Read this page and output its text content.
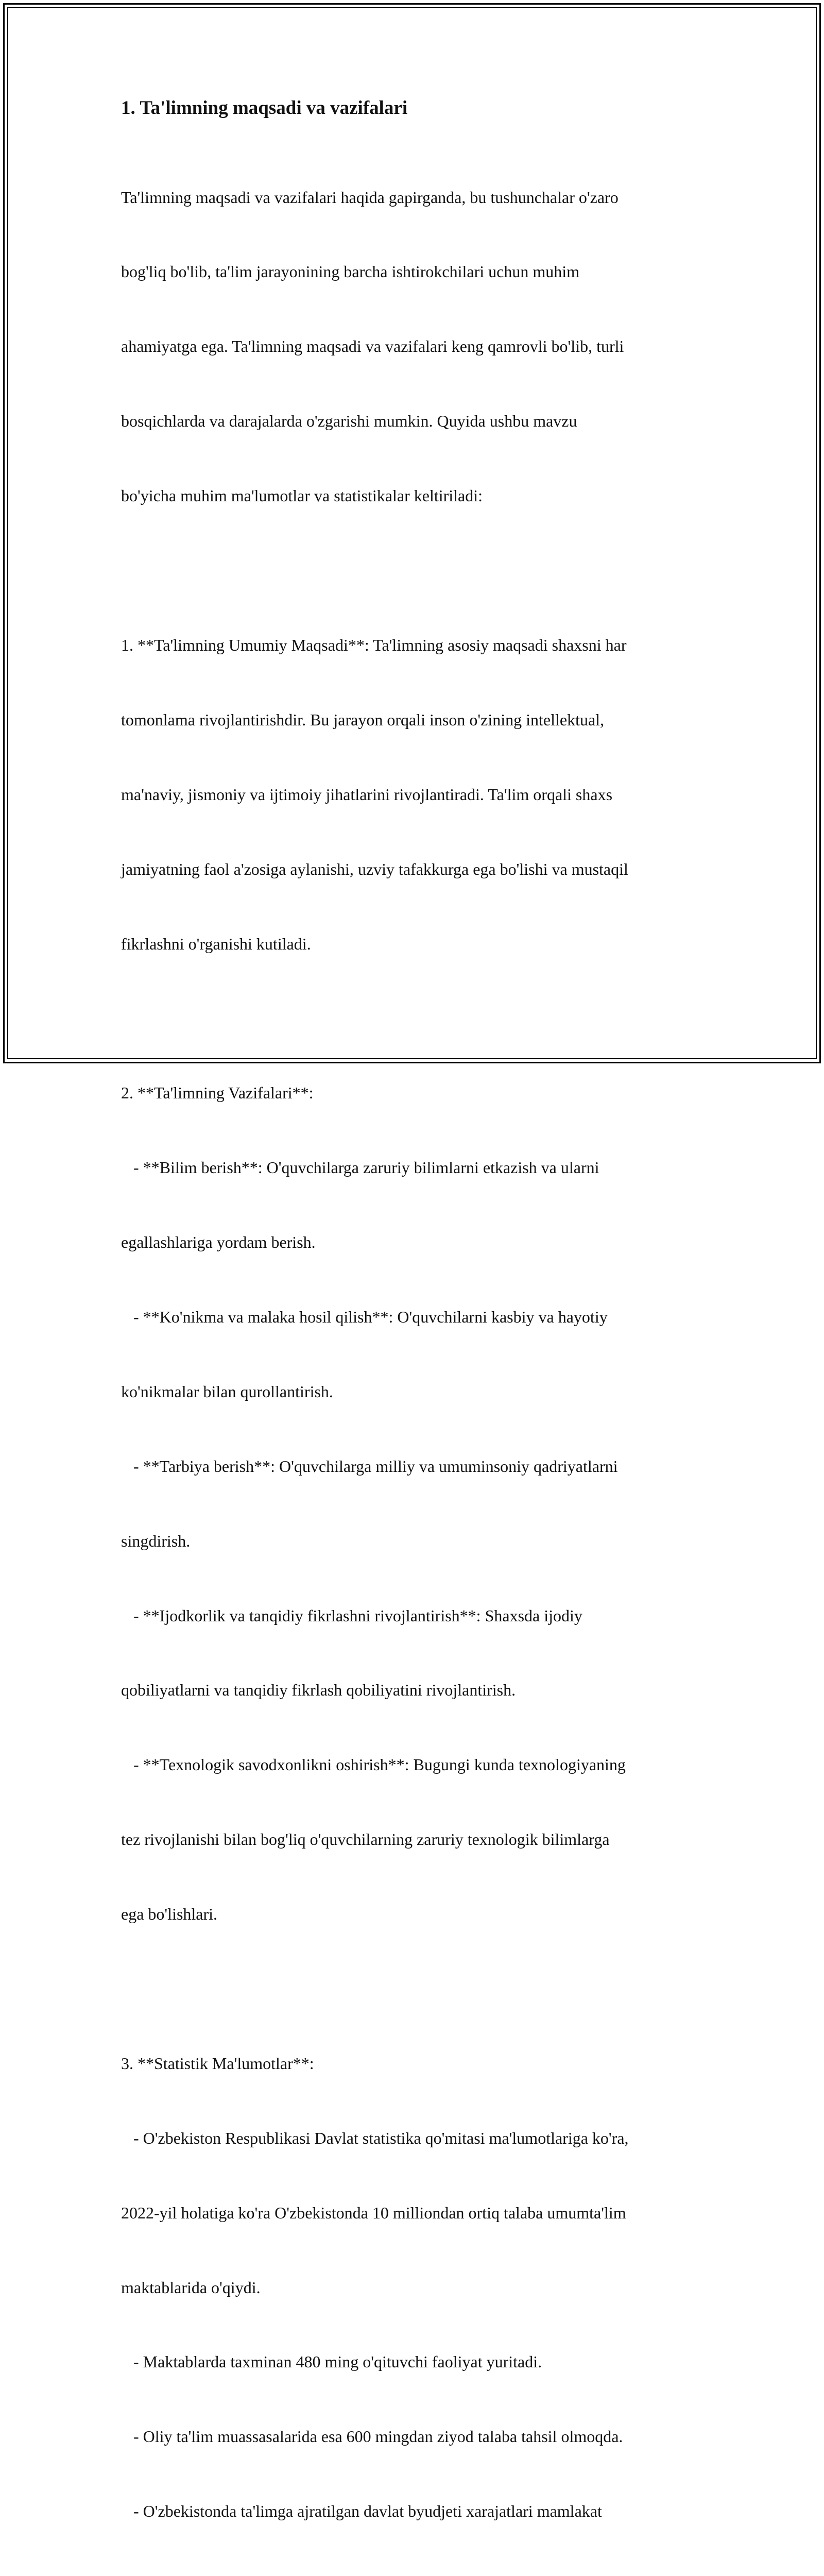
1. Ta'limning maqsadi va vazifalari

Ta'limning maqsadi va vazifalari haqida gapirganda, bu tushunchalar o'zaro

bog'liq bo'lib, ta'lim jarayonining barcha ishtirokchilari uchun muhim

ahamiyatga ega. Ta'limning maqsadi va vazifalari keng qamrovli bo'lib, turli

bosqichlarda va darajalarda o'zgarishi mumkin. Quyida ushbu mavzu

bo'yicha muhim ma'lumotlar va statistikalar keltiriladi:

1. **Ta'limning Umumiy Maqsadi**: Ta'limning asosiy maqsadi shaxsni har

tomonlama rivojlantirishdir. Bu jarayon orqali inson o'zining intellektual,

ma'naviy, jismoniy va ijtimoiy jihatlarini rivojlantiradi. Ta'lim orqali shaxs

jamiyatning faol a'zosiga aylanishi, uzviy tafakkurga ega bo'lishi va mustaqil

fikrlashni o'rganishi kutiladi.

2. **Ta'limning Vazifalari**:

- **Bilim berish**: O'quvchilarga zaruriy bilimlarni etkazish va ularni

egallashlariga yordam berish.

- **Ko'nikma va malaka hosil qilish**: O'quvchilarni kasbiy va hayotiy

ko'nikmalar bilan qurollantirish.

- **Tarbiya berish**: O'quvchilarga milliy va umuminsoniy qadriyatlarni

singdirish.

- **Ijodkorlik va tanqidiy fikrlashni rivojlantirish**: Shaxsda ijodiy

qobiliyatlarni va tanqidiy fikrlash qobiliyatini rivojlantirish.

- **Texnologik savodxonlikni oshirish**: Bugungi kunda texnologiyaning

tez rivojlanishi bilan bog'liq o'quvchilarning zaruriy texnologik bilimlarga

ega bo'lishlari.

3. **Statistik Ma'lumotlar**:

- O'zbekiston Respublikasi Davlat statistika qo'mitasi ma'lumotlariga ko'ra,

2022-yil holatiga ko'ra O'zbekistonda 10 milliondan ortiq talaba umumta'lim

maktablarida o'qiydi.

- Maktablarda taxminan 480 ming o'qituvchi faoliyat yuritadi.

- Oliy ta'lim muassasalarida esa 600 mingdan ziyod talaba tahsil olmoqda.

- O'zbekistonda ta'limga ajratilgan davlat byudjeti xarajatlari mamlakat
